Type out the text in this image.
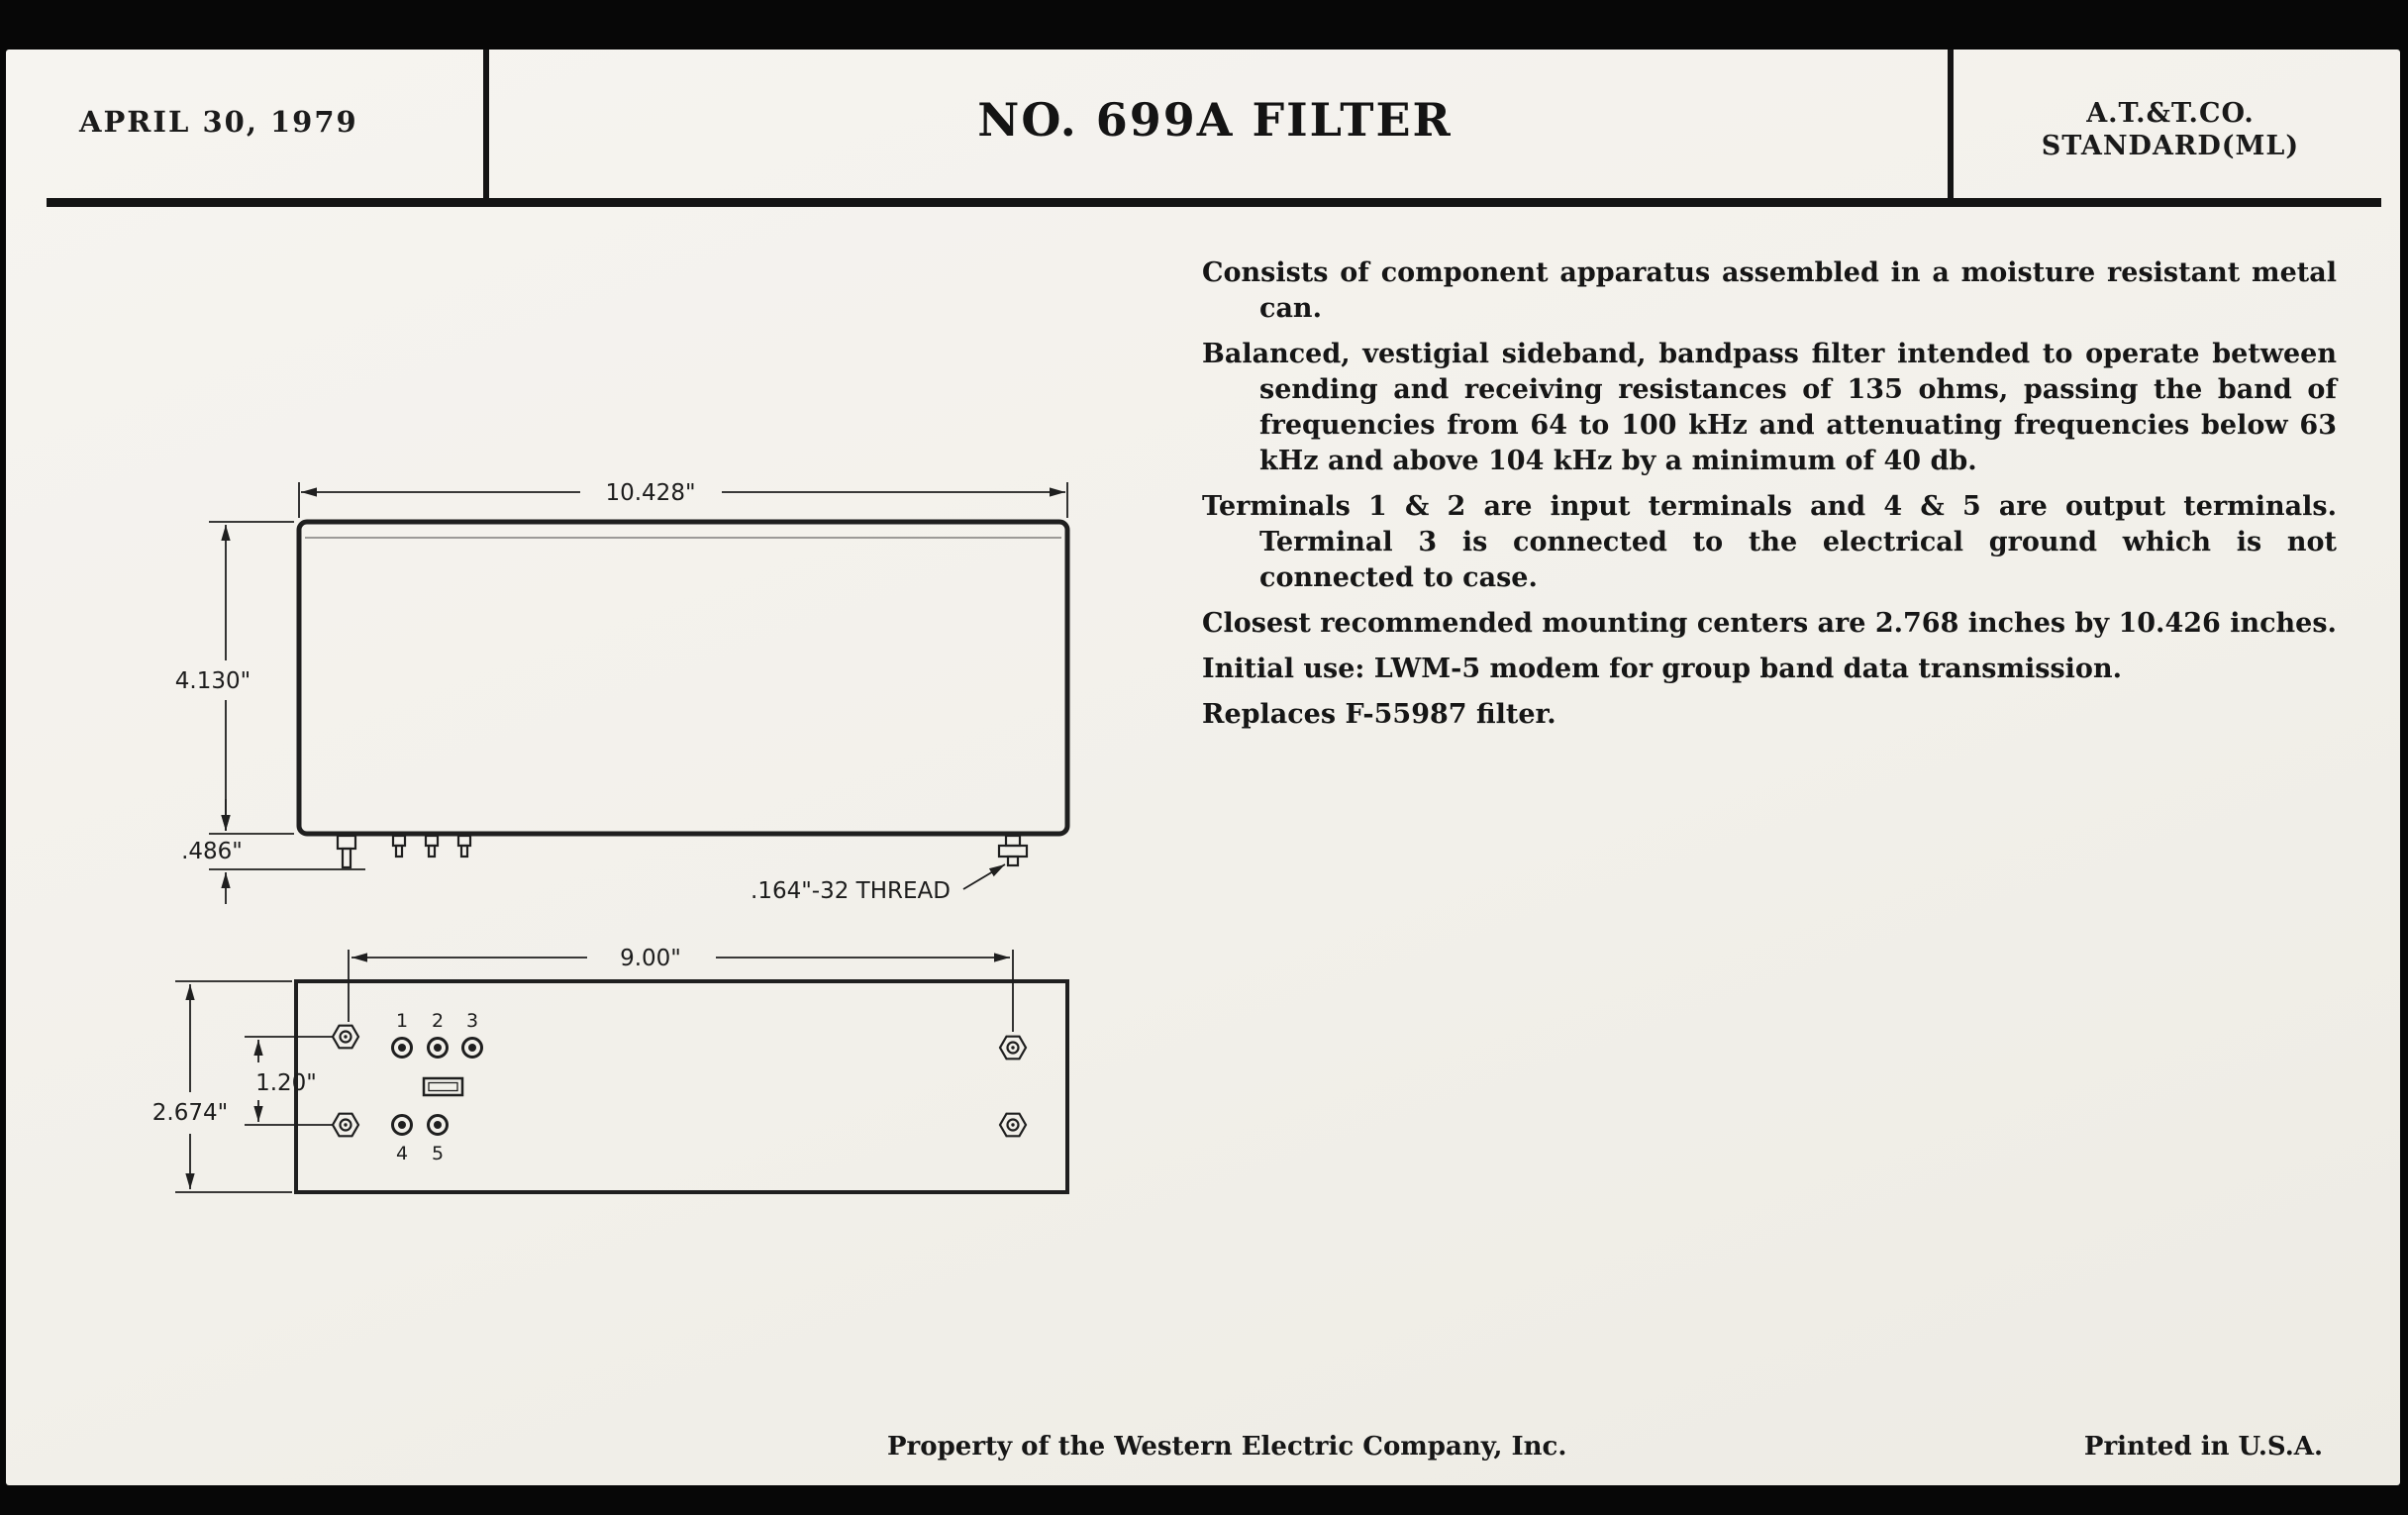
APRIL 30, 1979	NO. 699A FILTER	A.T.&T.CO.
STANDARD(ML)

Consists of component apparatus assembled in a moisture resistant metal can.

Balanced, vestigial sideband, bandpass filter intended to operate between sending and receiving resistances of 135 ohms, passing the band of frequencies from 64 to 100 kHz and attenuating frequencies below 63 kHz and above 104 kHz by a minimum of 40 db.

Terminals 1 & 2 are input terminals and 4 & 5 are output terminals. Terminal 3 is connected to the electrical ground which is not connected to case.

Closest recommended mounting centers are 2.768 inches by 10.426 inches.

Initial use: LWM-5 modem for group band data transmission.

Replaces F-55987 filter.

10.428"
4.130"
.486"
.164"-32 THREAD
9.00"
2.674"
1.20"
1 2 3
4 5
Property of the Western Electric Company, Inc.	Printed in U.S.A.
